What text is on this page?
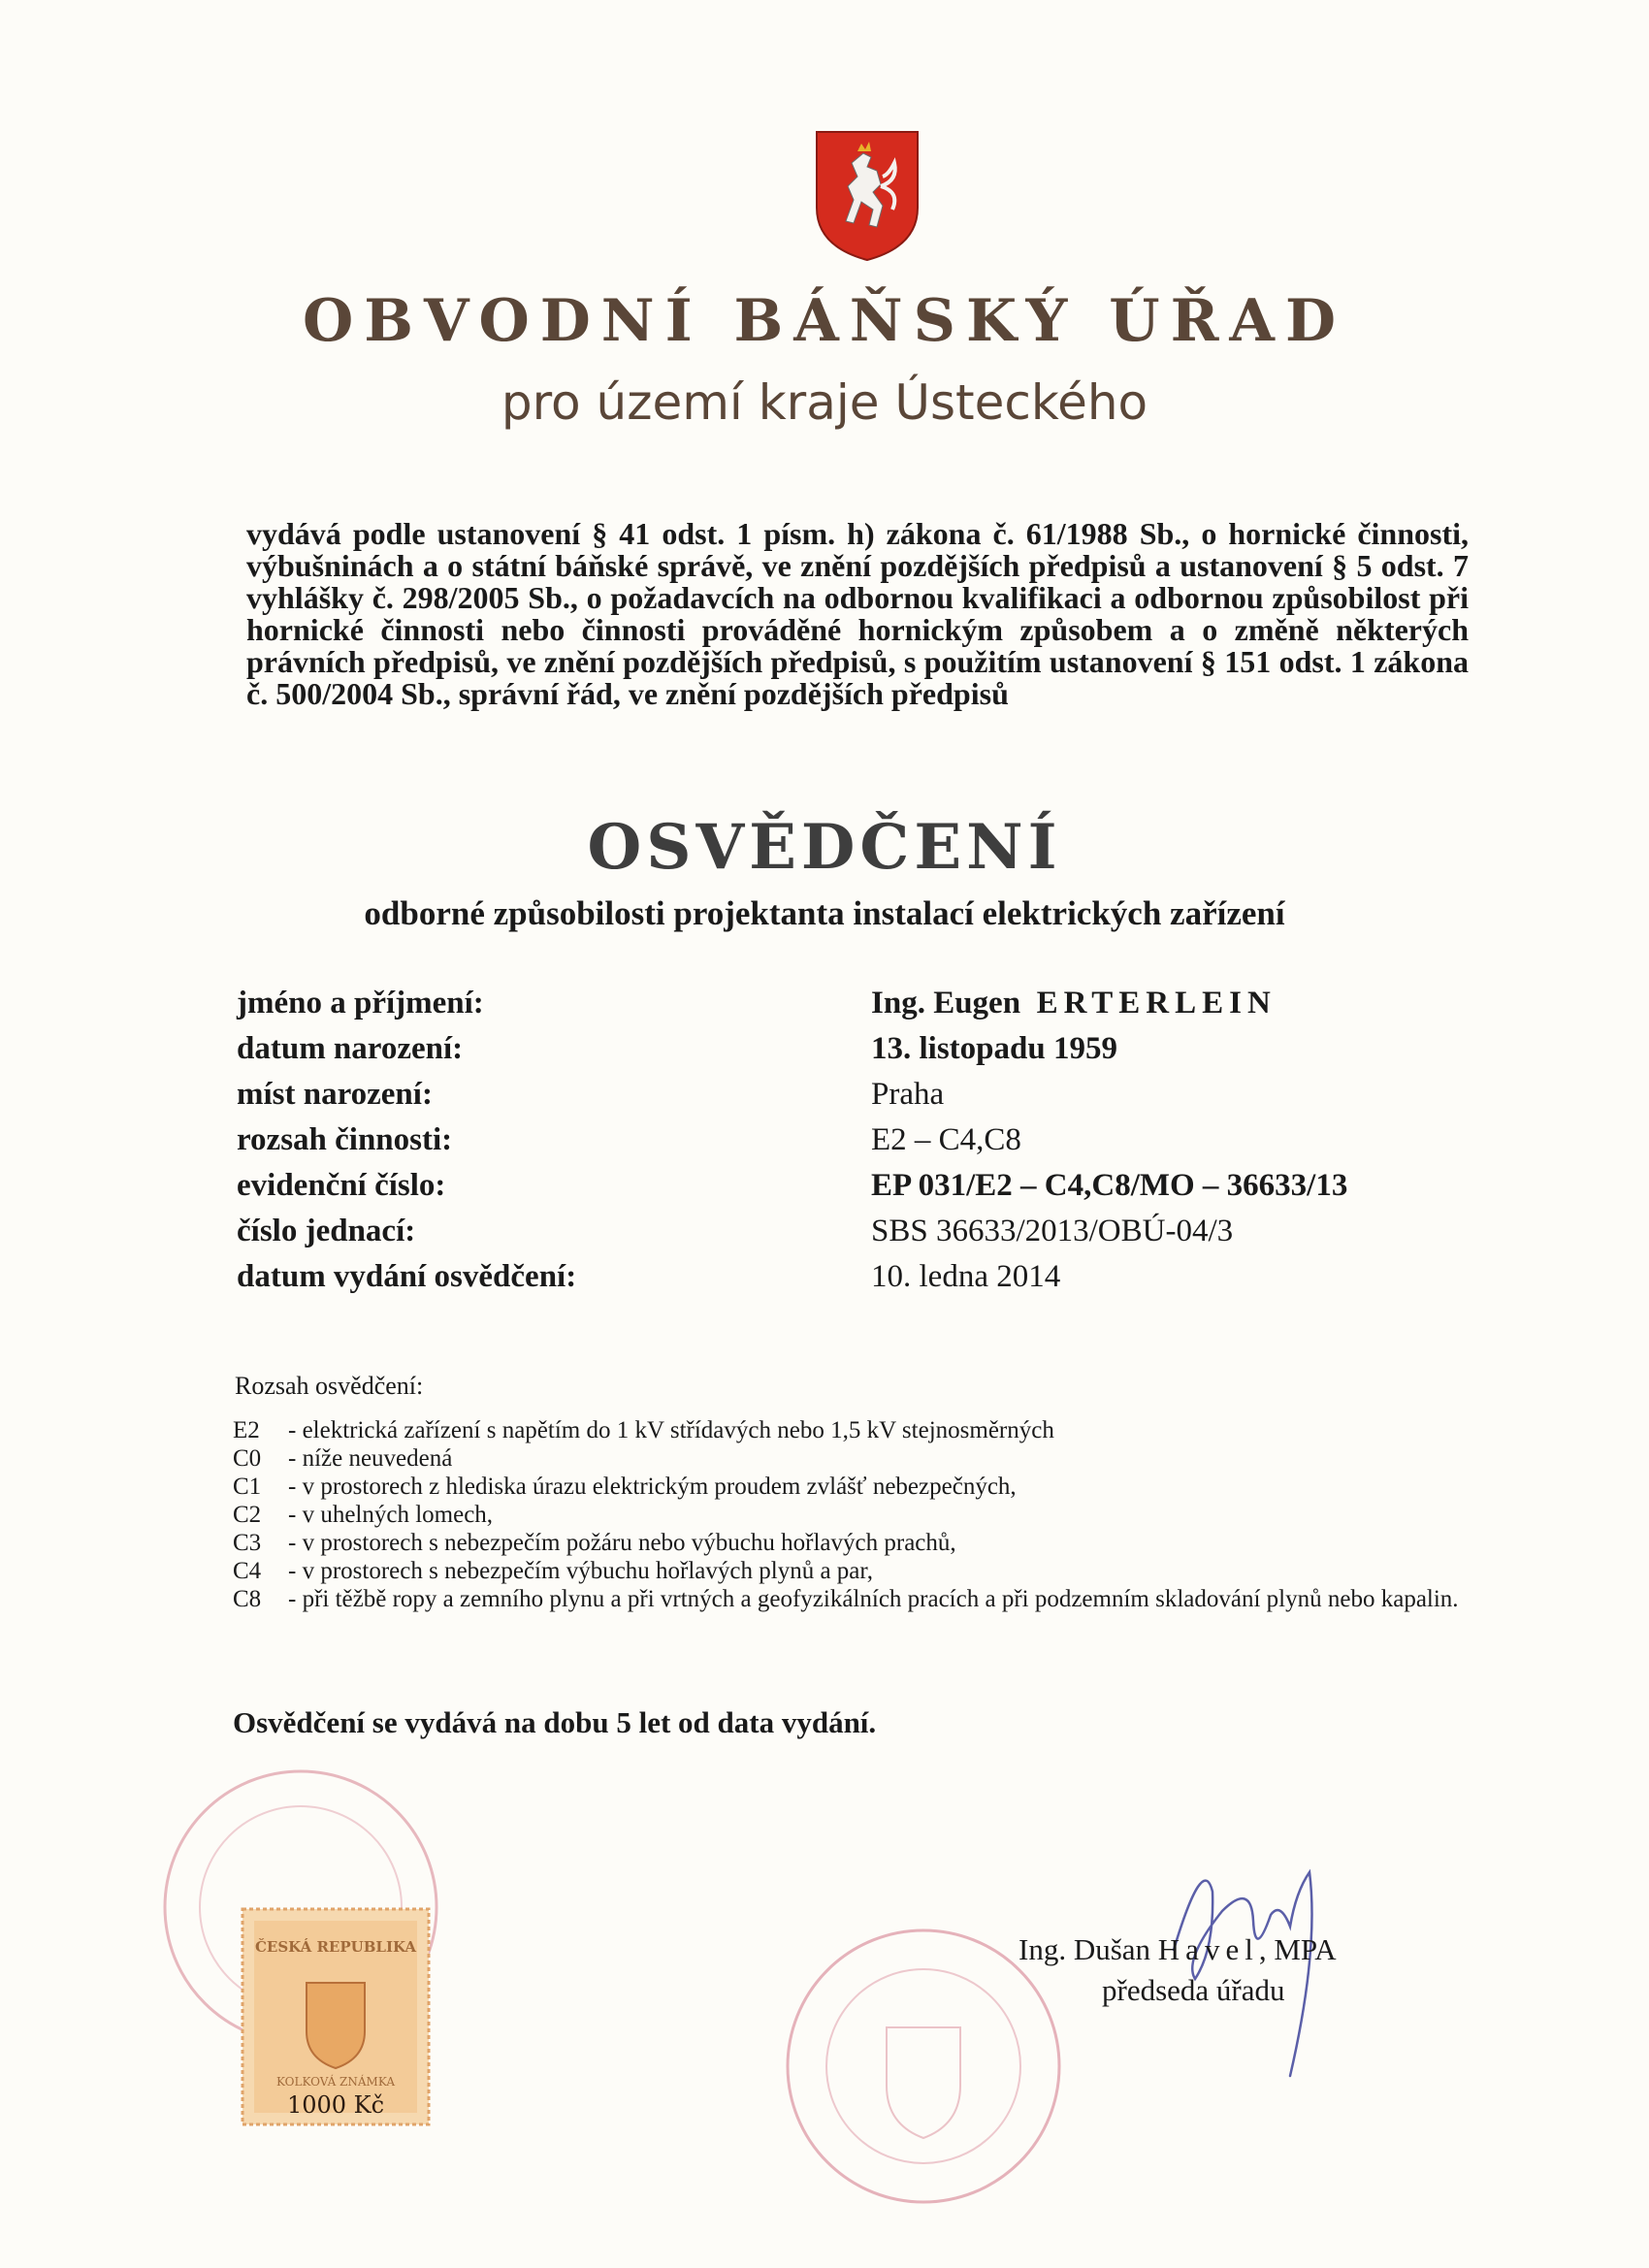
OBVODNÍ BÁŇSKÝ ÚŘAD
pro území kraje Ústeckého

vydává podle ustanovení § 41 odst. 1 písm. h) zákona č. 61/1988 Sb., o hornické činnosti, výbušninách a o státní báňské správě, ve znění pozdějších předpisů a ustanovení § 5 odst. 7 vyhlášky č. 298/2005 Sb., o požadavcích na odbornou kvalifikaci a odbornou způsobilost při hornické činnosti nebo činnosti prováděné hornickým způsobem a o změně některých právních předpisů, ve znění pozdějších předpisů, s použitím ustanovení § 151 odst. 1 zákona č. 500/2004 Sb., správní řád, ve znění pozdějších předpisů

OSVĚDČENÍ
odborné způsobilosti projektanta instalací elektrických zařízení
jméno a příjmení:	Ing. Eugen ERTERLEIN
datum narození:	13. listopadu 1959
míst narození:	Praha
rozsah činnosti:	E2 – C4,C8
evidenční číslo:	EP 031/E2 – C4,C8/MO – 36633/13
číslo jednací:	SBS 36633/2013/OBÚ-04/3
datum vydání osvědčení:	10. ledna 2014
Rozsah osvědčení:
E2 - elektrická zařízení s napětím do 1 kV střídavých nebo 1,5 kV stejnosměrných
C0 - níže neuvedená
C1 - v prostorech z hlediska úrazu elektrickým proudem zvlášť nebezpečných,
C2 - v uhelných lomech,
C3 - v prostorech s nebezpečím požáru nebo výbuchu hořlavých prachů,
C4 - v prostorech s nebezpečím výbuchu hořlavých plynů a par,
C8 - při těžbě ropy a zemního plynu a při vrtných a geofyzikálních pracích a při podzemním skladování plynů nebo kapalin.
Osvědčení se vydává na dobu 5 let od data vydání.
ČESKÁ REPUBLIKA
KOLKOVÁ ZNÁMKA
1000 Kč
Ing. Dušan Havel, MPA
předseda úřadu
